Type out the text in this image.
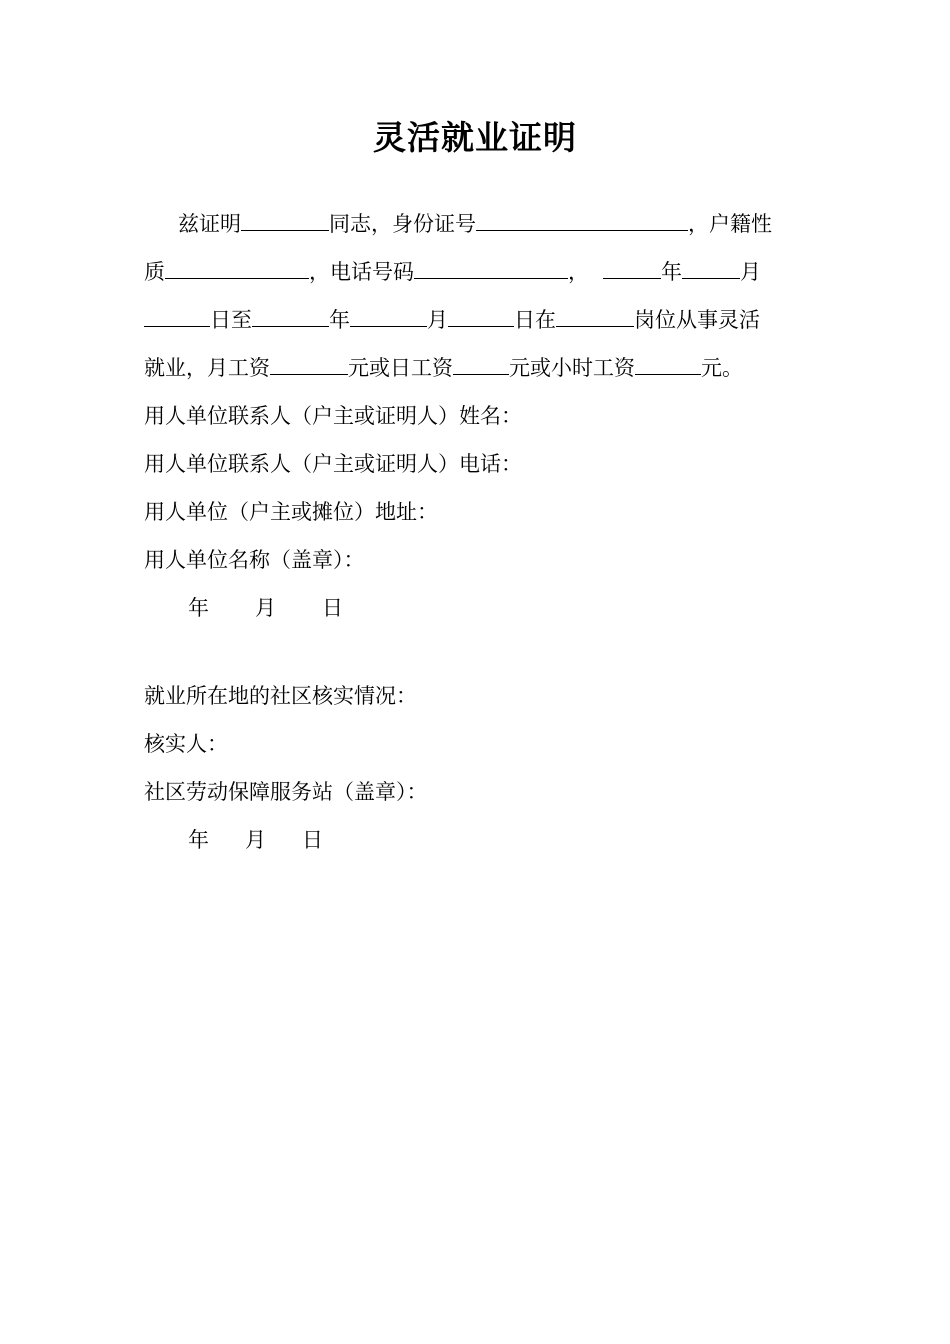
灵活就业证明
兹证明	同志，身份证号	，户籍性
质	，电话号码	，	年	月
日至	年	月	日在	岗位从事灵活
就业，月工资	元或日工资	元或小时工资	元。
用人单位联系人（户主或证明人）姓名：
用人单位联系人（户主或证明人）电话：
用人单位（户主或摊位）地址：
用人单位名称（盖章）：
年 月 日
就业所在地的社区核实情况：
核实人：
社区劳动保障服务站（盖章）：
年 月 日
